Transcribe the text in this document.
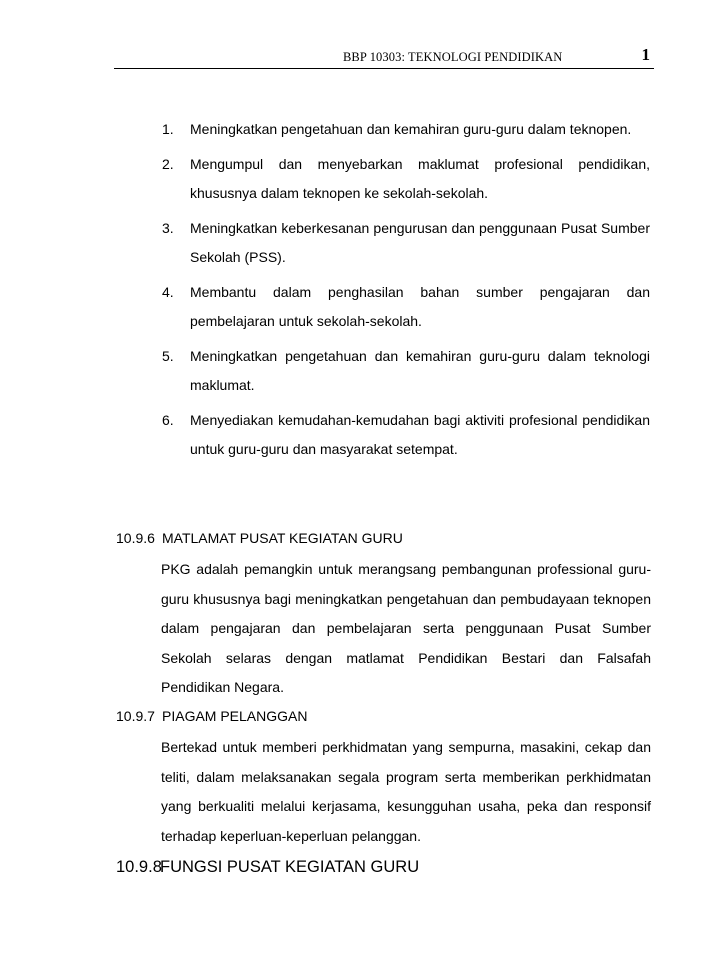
BBP 10303: TEKNOLOGI PENDIDIKAN	1
1. Meningkatkan pengetahuan dan kemahiran guru-guru dalam teknopen.
2. Mengumpul dan menyebarkan maklumat profesional pendidikan, khususnya dalam teknopen ke sekolah-sekolah.
3. Meningkatkan keberkesanan pengurusan dan penggunaan Pusat Sumber Sekolah (PSS).
4. Membantu dalam penghasilan bahan sumber pengajaran dan pembelajaran untuk sekolah-sekolah.
5. Meningkatkan pengetahuan dan kemahiran guru-guru dalam teknologi maklumat.
6. Menyediakan kemudahan-kemudahan bagi aktiviti profesional pendidikan untuk guru-guru dan masyarakat setempat.
10.9.6 MATLAMAT PUSAT KEGIATAN GURU

PKG adalah pemangkin untuk merangsang pembangunan professional guru-guru khususnya bagi meningkatkan pengetahuan dan pembudayaan teknopen dalam pengajaran dan pembelajaran serta penggunaan Pusat Sumber Sekolah selaras dengan matlamat Pendidikan Bestari dan Falsafah Pendidikan Negara.

10.9.7 PIAGAM PELANGGAN

Bertekad untuk memberi perkhidmatan yang sempurna, masakini, cekap dan teliti, dalam melaksanakan segala program serta memberikan perkhidmatan yang berkualiti melalui kerjasama, kesungguhan usaha, peka dan responsif terhadap keperluan-keperluan pelanggan.

10.9.8FUNGSI PUSAT KEGIATAN GURU
